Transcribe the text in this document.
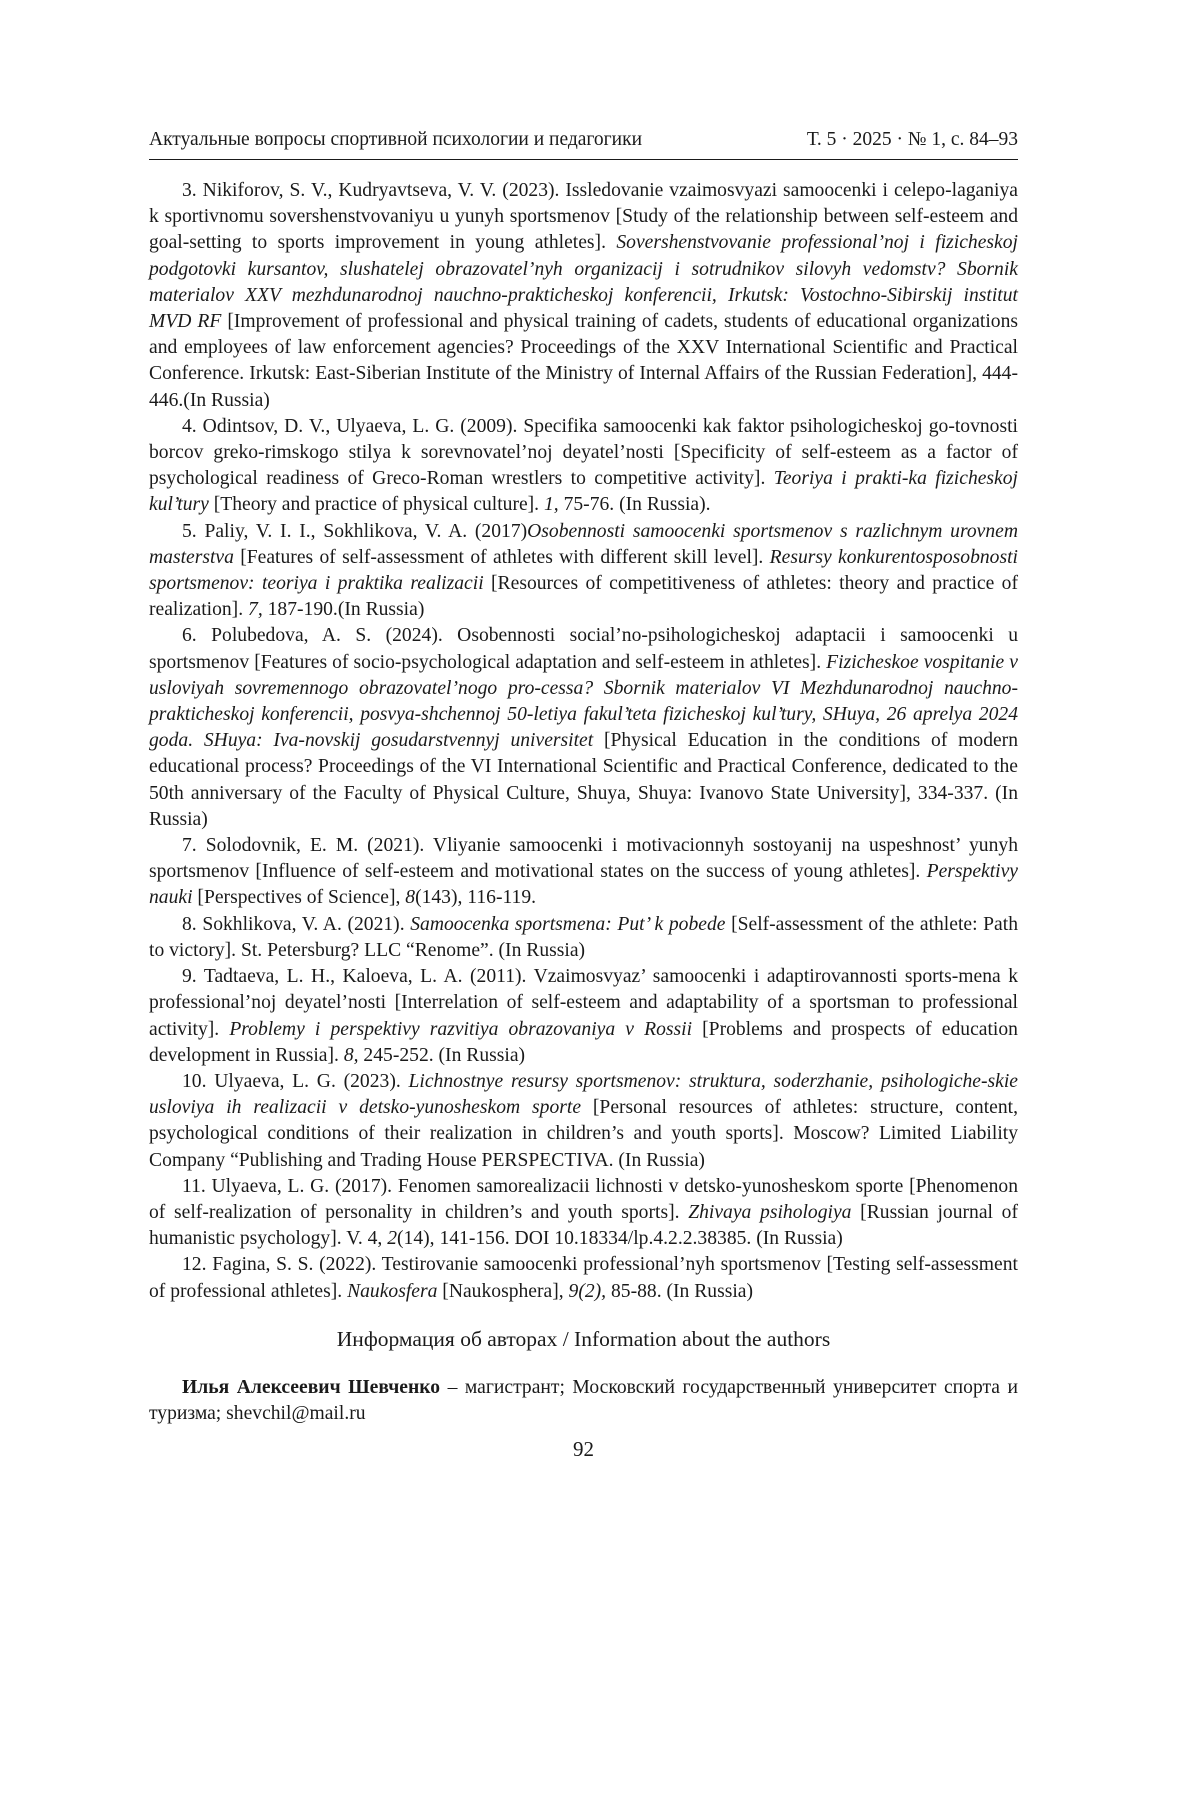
Актуальные вопросы спортивной психологии и педагогики	Т. 5 · 2025 · № 1, с. 84–93

3. Nikiforov, S. V., Kudryavtseva, V. V. (2023). Issledovanie vzaimosvyazi samoocenki i celepo-laganiya k sportivnomu sovershenstvovaniyu u yunyh sportsmenov [Study of the relationship between self-esteem and goal-setting to sports improvement in young athletes]. Sovershenstvovanie professional’noj i fizicheskoj podgotovki kursantov, slushatelej obrazovatel’nyh organizacij i sotrudnikov silovyh vedomstv? Sbornik materialov XXV mezhdunarodnoj nauchno-prakticheskoj konferencii, Irkutsk: Vostochno-Sibirskij institut MVD RF [Improvement of professional and physical training of cadets, students of educational organizations and employees of law enforcement agencies? Proceedings of the XXV International Scientific and Practical Conference. Irkutsk: East-Siberian Institute of the Ministry of Internal Affairs of the Russian Federation], 444-446.(In Russia)

4. Odintsov, D. V., Ulyaeva, L. G. (2009). Specifika samoocenki kak faktor psihologicheskoj go-tovnosti borcov greko-rimskogo stilya k sorevnovatel’noj deyatel’nosti [Specificity of self-esteem as a factor of psychological readiness of Greco-Roman wrestlers to competitive activity]. Teoriya i prakti-ka fizicheskoj kul’tury [Theory and practice of physical culture]. 1, 75-76. (In Russia).

5. Paliy, V. I. I., Sokhlikova, V. A. (2017)Osobennosti samoocenki sportsmenov s razlichnym urovnem masterstva [Features of self-assessment of athletes with different skill level]. Resursy konkurentosposobnosti sportsmenov: teoriya i praktika realizacii [Resources of competitiveness of athletes: theory and practice of realization]. 7, 187-190.(In Russia)

6. Polubedova, A. S. (2024). Osobennosti social’no-psihologicheskoj adaptacii i samoocenki u sportsmenov [Features of socio-psychological adaptation and self-esteem in athletes]. Fizicheskoe vospitanie v usloviyah sovremennogo obrazovatel’nogo pro-cessa? Sbornik materialov VI Mezhdunarodnoj nauchno-prakticheskoj konferencii, posvya-shchennoj 50-letiya fakul’teta fizicheskoj kul’tury, SHuya, 26 aprelya 2024 goda. SHuya: Iva-novskij gosudarstvennyj universitet [Physical Education in the conditions of modern educational process? Proceedings of the VI International Scientific and Practical Conference, dedicated to the 50th anniversary of the Faculty of Physical Culture, Shuya, Shuya: Ivanovo State University], 334-337. (In Russia)

7. Solodovnik, E. M. (2021). Vliyanie samoocenki i motivacionnyh sostoyanij na uspeshnost’ yunyh sportsmenov [Influence of self-esteem and motivational states on the success of young athletes]. Perspektivy nauki [Perspectives of Science], 8(143), 116-119.

8. Sokhlikova, V. A. (2021). Samoocenka sportsmena: Put’ k pobede [Self-assessment of the athlete: Path to victory]. St. Petersburg? LLC “Renome”. (In Russia)

9. Tadtaeva, L. H., Kaloeva, L. A. (2011). Vzaimosvyaz’ samoocenki i adaptirovannosti sports-mena k professional’noj deyatel’nosti [Interrelation of self-esteem and adaptability of a sportsman to professional activity]. Problemy i perspektivy razvitiya obrazovaniya v Rossii [Problems and prospects of education development in Russia]. 8, 245-252. (In Russia)

10. Ulyaeva, L. G. (2023). Lichnostnye resursy sportsmenov: struktura, soderzhanie, psihologiche-skie usloviya ih realizacii v detsko-yunosheskom sporte [Personal resources of athletes: structure, content, psychological conditions of their realization in children’s and youth sports]. Moscow? Limited Liability Company “Publishing and Trading House PERSPECTIVA. (In Russia)

11. Ulyaeva, L. G. (2017). Fenomen samorealizacii lichnosti v detsko-yunosheskom sporte [Phenomenon of self-realization of personality in children’s and youth sports]. Zhivaya psihologiya [Russian journal of humanistic psychology]. V. 4, 2(14), 141-156. DOI 10.18334/lp.4.2.2.38385. (In Russia)

12. Fagina, S. S. (2022). Testirovanie samoocenki professional’nyh sportsmenov [Testing self-assessment of professional athletes]. Naukosfera [Naukosphera], 9(2), 85-88. (In Russia)

Информация об авторах / Information about the authors

Илья Алексеевич Шевченко – магистрант; Московский государственный университет спорта и туризма; shevchil@mail.ru

92
